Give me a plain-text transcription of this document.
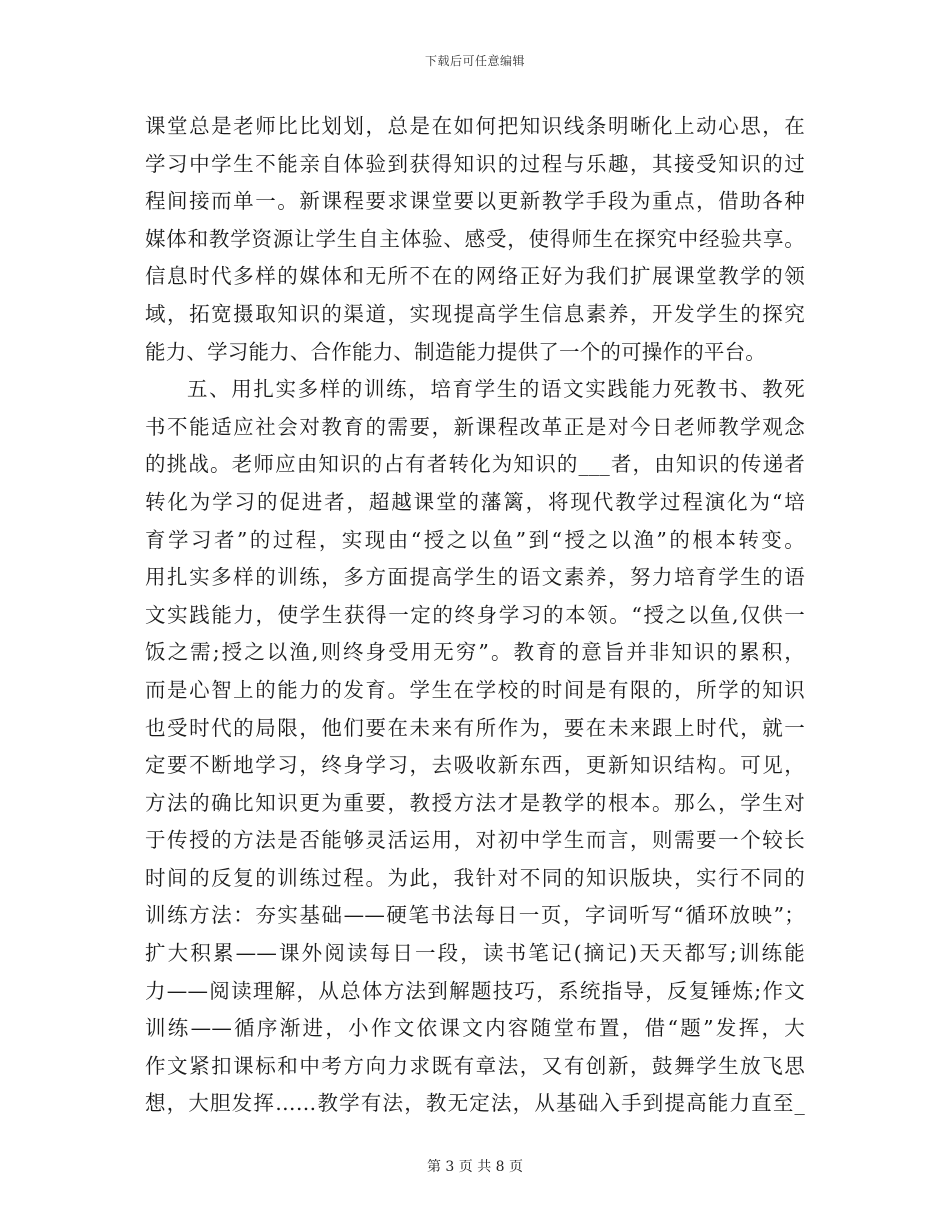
下载后可任意编辑
课堂总是老师比比划划，总是在如何把知识线条明晰化上动心思，在
学习中学生不能亲自体验到获得知识的过程与乐趣，其接受知识的过
程间接而单一。新课程要求课堂要以更新教学手段为重点，借助各种
媒体和教学资源让学生自主体验、感受，使得师生在探究中经验共享。
信息时代多样的媒体和无所不在的网络正好为我们扩展课堂教学的领
域，拓宽摄取知识的渠道，实现提高学生信息素养，开发学生的探究
能力、学习能力、合作能力、制造能力提供了一个的可操作的平台。
五、用扎实多样的训练，培育学生的语文实践能力死教书、教死
书不能适应社会对教育的需要，新课程改革正是对今日老师教学观念
的挑战。老师应由知识的占有者转化为知识的___者，由知识的传递者
转化为学习的促进者，超越课堂的藩篱，将现代教学过程演化为“培
育学习者”的过程，实现由“授之以鱼”到“授之以渔”的根本转变。
用扎实多样的训练，多方面提高学生的语文素养，努力培育学生的语
文实践能力，使学生获得一定的终身学习的本领。“授之以鱼,仅供一
饭之需;授之以渔,则终身受用无穷”。教育的意旨并非知识的累积，
而是心智上的能力的发育。学生在学校的时间是有限的，所学的知识
也受时代的局限，他们要在未来有所作为，要在未来跟上时代，就一
定要不断地学习，终身学习，去吸收新东西，更新知识结构。可见，
方法的确比知识更为重要，教授方法才是教学的根本。那么，学生对
于传授的方法是否能够灵活运用，对初中学生而言，则需要一个较长
时间的反复的训练过程。为此，我针对不同的知识版块，实行不同的
训练方法：夯实基础——硬笔书法每日一页，字词听写“循环放映”；
扩大积累——课外阅读每日一段，读书笔记(摘记)天天都写;训练能
力——阅读理解，从总体方法到解题技巧，系统指导，反复锤炼;作文
训练——循序渐进，小作文依课文内容随堂布置，借“题”发挥，大
作文紧扣课标和中考方向力求既有章法，又有创新，鼓舞学生放飞思
想，大胆发挥……教学有法，教无定法，从基础入手到提高能力直至_
第 3 页 共 8 页
